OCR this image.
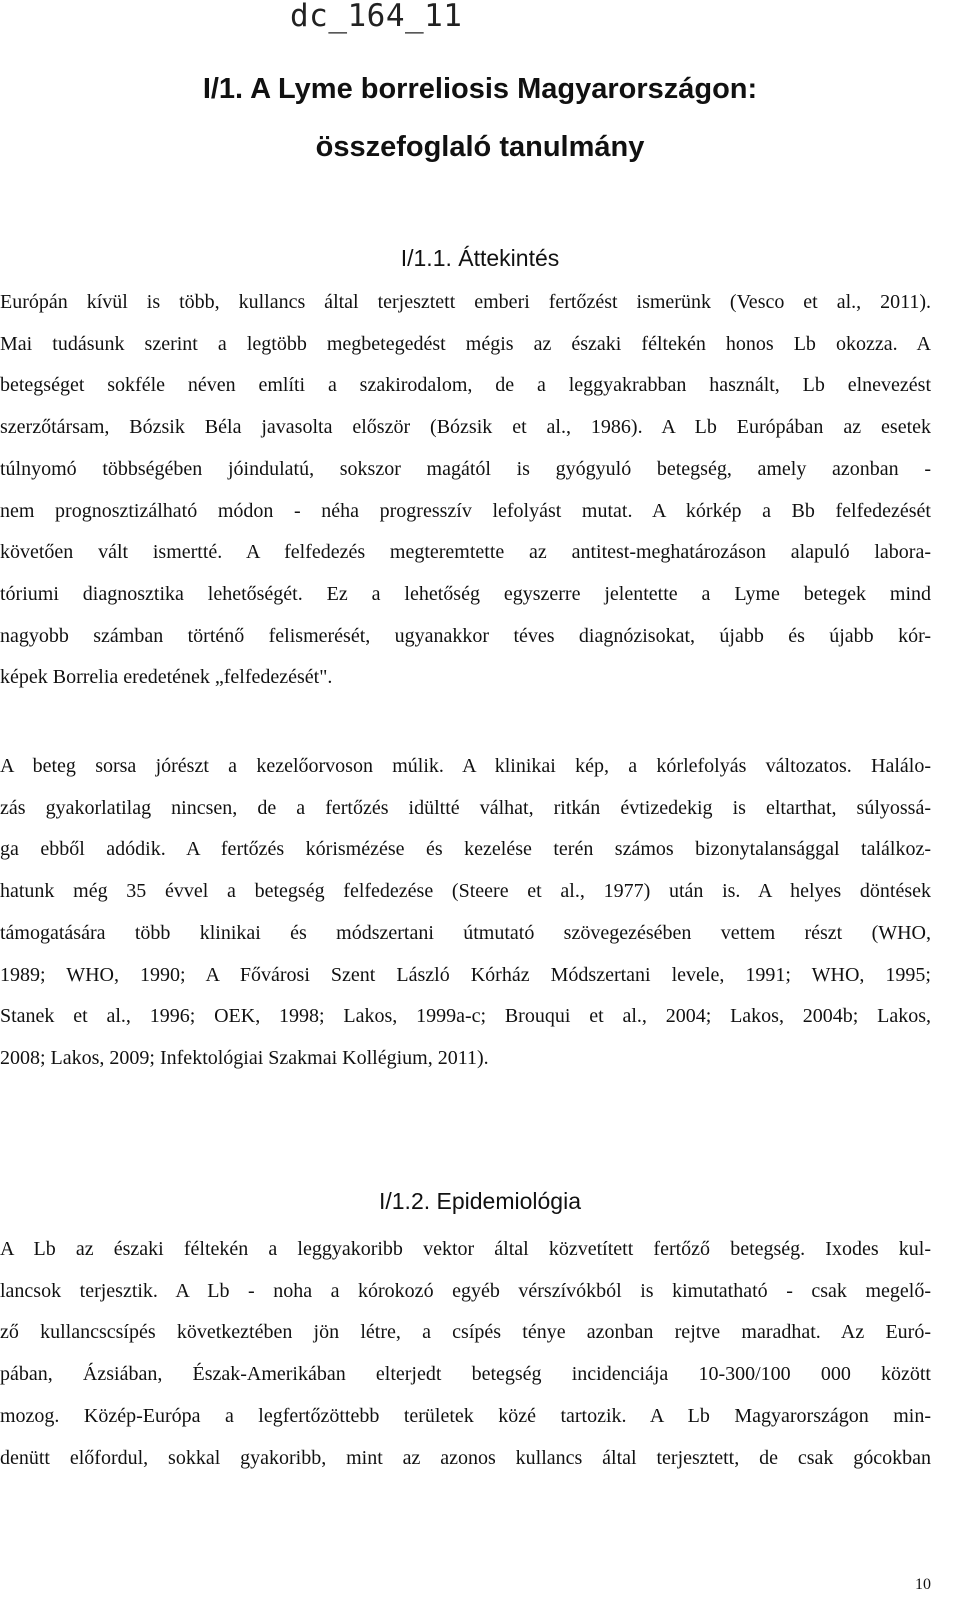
dc_164_11
I/1. A Lyme borreliosis Magyarországon:
összefoglaló tanulmány
I/1.1. Áttekintés
Európán kívül is több, kullancs által terjesztett emberi fertőzést ismerünk (Vesco et al., 2011).
Mai tudásunk szerint a legtöbb megbetegedést mégis az északi féltekén honos Lb okozza. A
betegséget sokféle néven említi a szakirodalom, de a leggyakrabban használt, Lb elnevezést
szerzőtársam, Bózsik Béla javasolta először (Bózsik et al., 1986). A Lb Európában az esetek
túlnyomó többségében jóindulatú, sokszor magától is gyógyuló betegség, amely azonban -
nem prognosztizálható módon - néha progresszív lefolyást mutat. A kórkép a Bb felfedezését
követően vált ismertté. A felfedezés megteremtette az antitest-meghatározáson alapuló labora-
tóriumi diagnosztika lehetőségét. Ez a lehetőség egyszerre jelentette a Lyme betegek mind
nagyobb számban történő felismerését, ugyanakkor téves diagnózisokat, újabb és újabb kór-
képek Borrelia eredetének „felfedezését".
A beteg sorsa jórészt a kezelőorvoson múlik. A klinikai kép, a kórlefolyás változatos. Halálo-
zás gyakorlatilag nincsen, de a fertőzés idültté válhat, ritkán évtizedekig is eltarthat, súlyossá-
ga ebből adódik. A fertőzés kórismézése és kezelése terén számos bizonytalansággal találkoz-
hatunk még 35 évvel a betegség felfedezése (Steere et al., 1977) után is. A helyes döntések
támogatására több klinikai és módszertani útmutató szövegezésében vettem részt (WHO,
1989; WHO, 1990; A Fővárosi Szent László Kórház Módszertani levele, 1991; WHO, 1995;
Stanek et al., 1996; OEK, 1998; Lakos, 1999a-c; Brouqui et al., 2004; Lakos, 2004b; Lakos,
2008; Lakos, 2009; Infektológiai Szakmai Kollégium, 2011).
I/1.2. Epidemiológia
A Lb az északi féltekén a leggyakoribb vektor által közvetített fertőző betegség. Ixodes kul-
lancsok terjesztik. A Lb - noha a kórokozó egyéb vérszívókból is kimutatható - csak megelő-
ző kullancscsípés következtében jön létre, a csípés ténye azonban rejtve maradhat. Az Euró-
pában, Ázsiában, Észak-Amerikában elterjedt betegség incidenciája 10-300/100 000 között
mozog. Közép-Európa a legfertőzöttebb területek közé tartozik. A Lb Magyarországon min-
denütt előfordul, sokkal gyakoribb, mint az azonos kullancs által terjesztett, de csak gócokban
10
